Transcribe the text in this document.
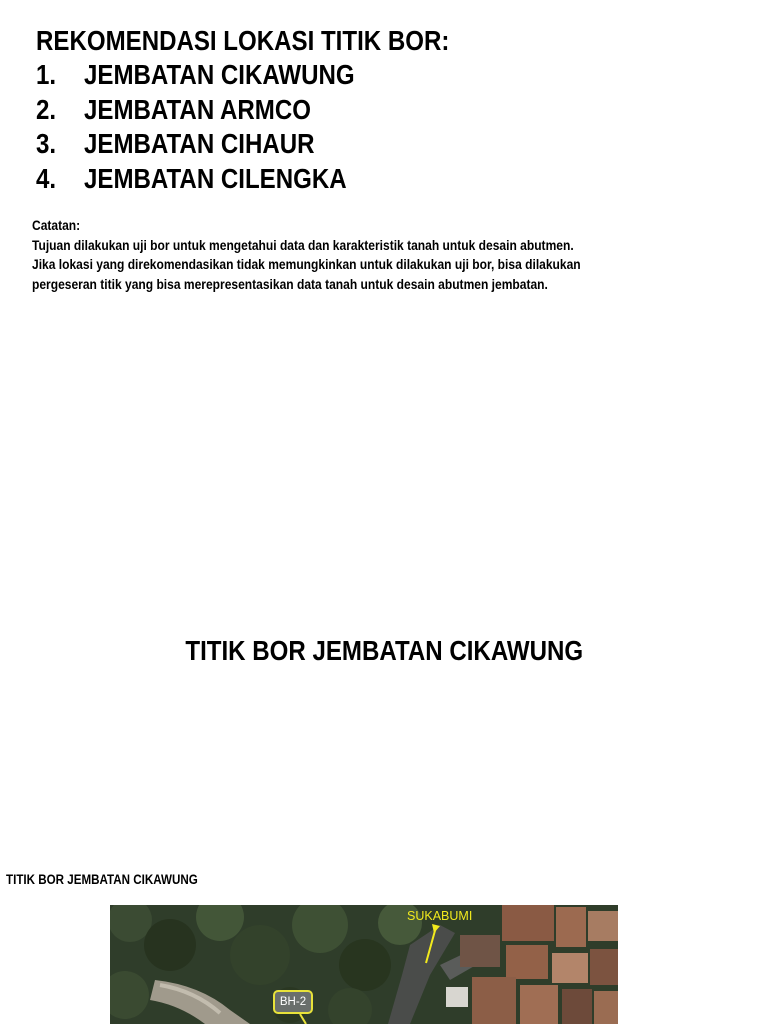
REKOMENDASI LOKASI TITIK BOR:
1. JEMBATAN CIKAWUNG
2. JEMBATAN ARMCO
3. JEMBATAN CIHAUR
4. JEMBATAN CILENGKA
Catatan:
Tujuan dilakukan uji bor untuk mengetahui data dan karakteristik tanah untuk desain abutmen.
Jika lokasi yang direkomendasikan tidak memungkinkan untuk dilakukan uji bor, bisa dilakukan
pergeseran titik yang bisa merepresentasikan data tanah untuk desain abutmen jembatan.
TITIK BOR JEMBATAN CIKAWUNG
TITIK BOR JEMBATAN CIKAWUNG
SUKABUMI
BH-2
